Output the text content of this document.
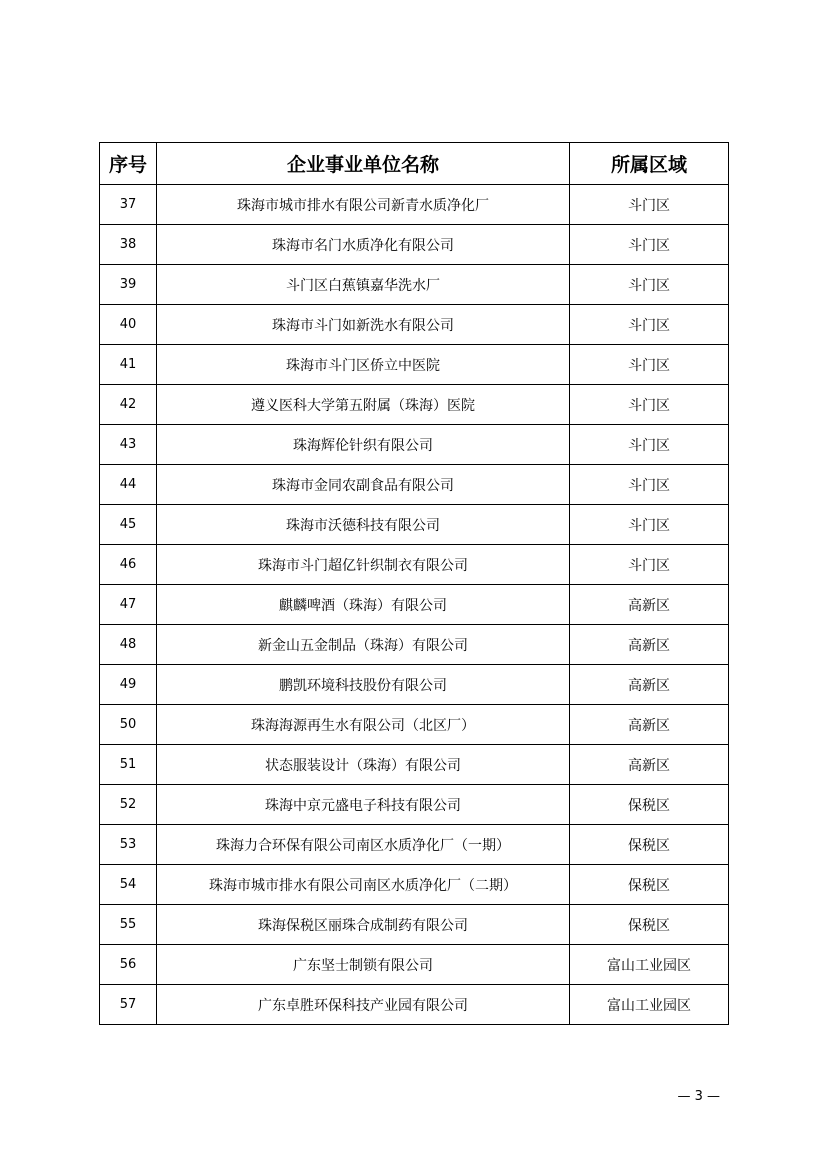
序号	企业事业单位名称	所属区域
37	珠海市城市排水有限公司新青水质净化厂	斗门区
38	珠海市名门水质净化有限公司	斗门区
39	斗门区白蕉镇嘉华洗水厂	斗门区
40	珠海市斗门如新洗水有限公司	斗门区
41	珠海市斗门区侨立中医院	斗门区
42	遵义医科大学第五附属（珠海）医院	斗门区
43	珠海辉伦针织有限公司	斗门区
44	珠海市金同农副食品有限公司	斗门区
45	珠海市沃德科技有限公司	斗门区
46	珠海市斗门超亿针织制衣有限公司	斗门区
47	麒麟啤酒（珠海）有限公司	高新区
48	新金山五金制品（珠海）有限公司	高新区
49	鹏凯环境科技股份有限公司	高新区
50	珠海海源再生水有限公司（北区厂）	高新区
51	状态服装设计（珠海）有限公司	高新区
52	珠海中京元盛电子科技有限公司	保税区
53	珠海力合环保有限公司南区水质净化厂（一期）	保税区
54	珠海市城市排水有限公司南区水质净化厂（二期）	保税区
55	珠海保税区丽珠合成制药有限公司	保税区
56	广东坚士制锁有限公司	富山工业园区
57	广东卓胜环保科技产业园有限公司	富山工业园区
— 3 —
